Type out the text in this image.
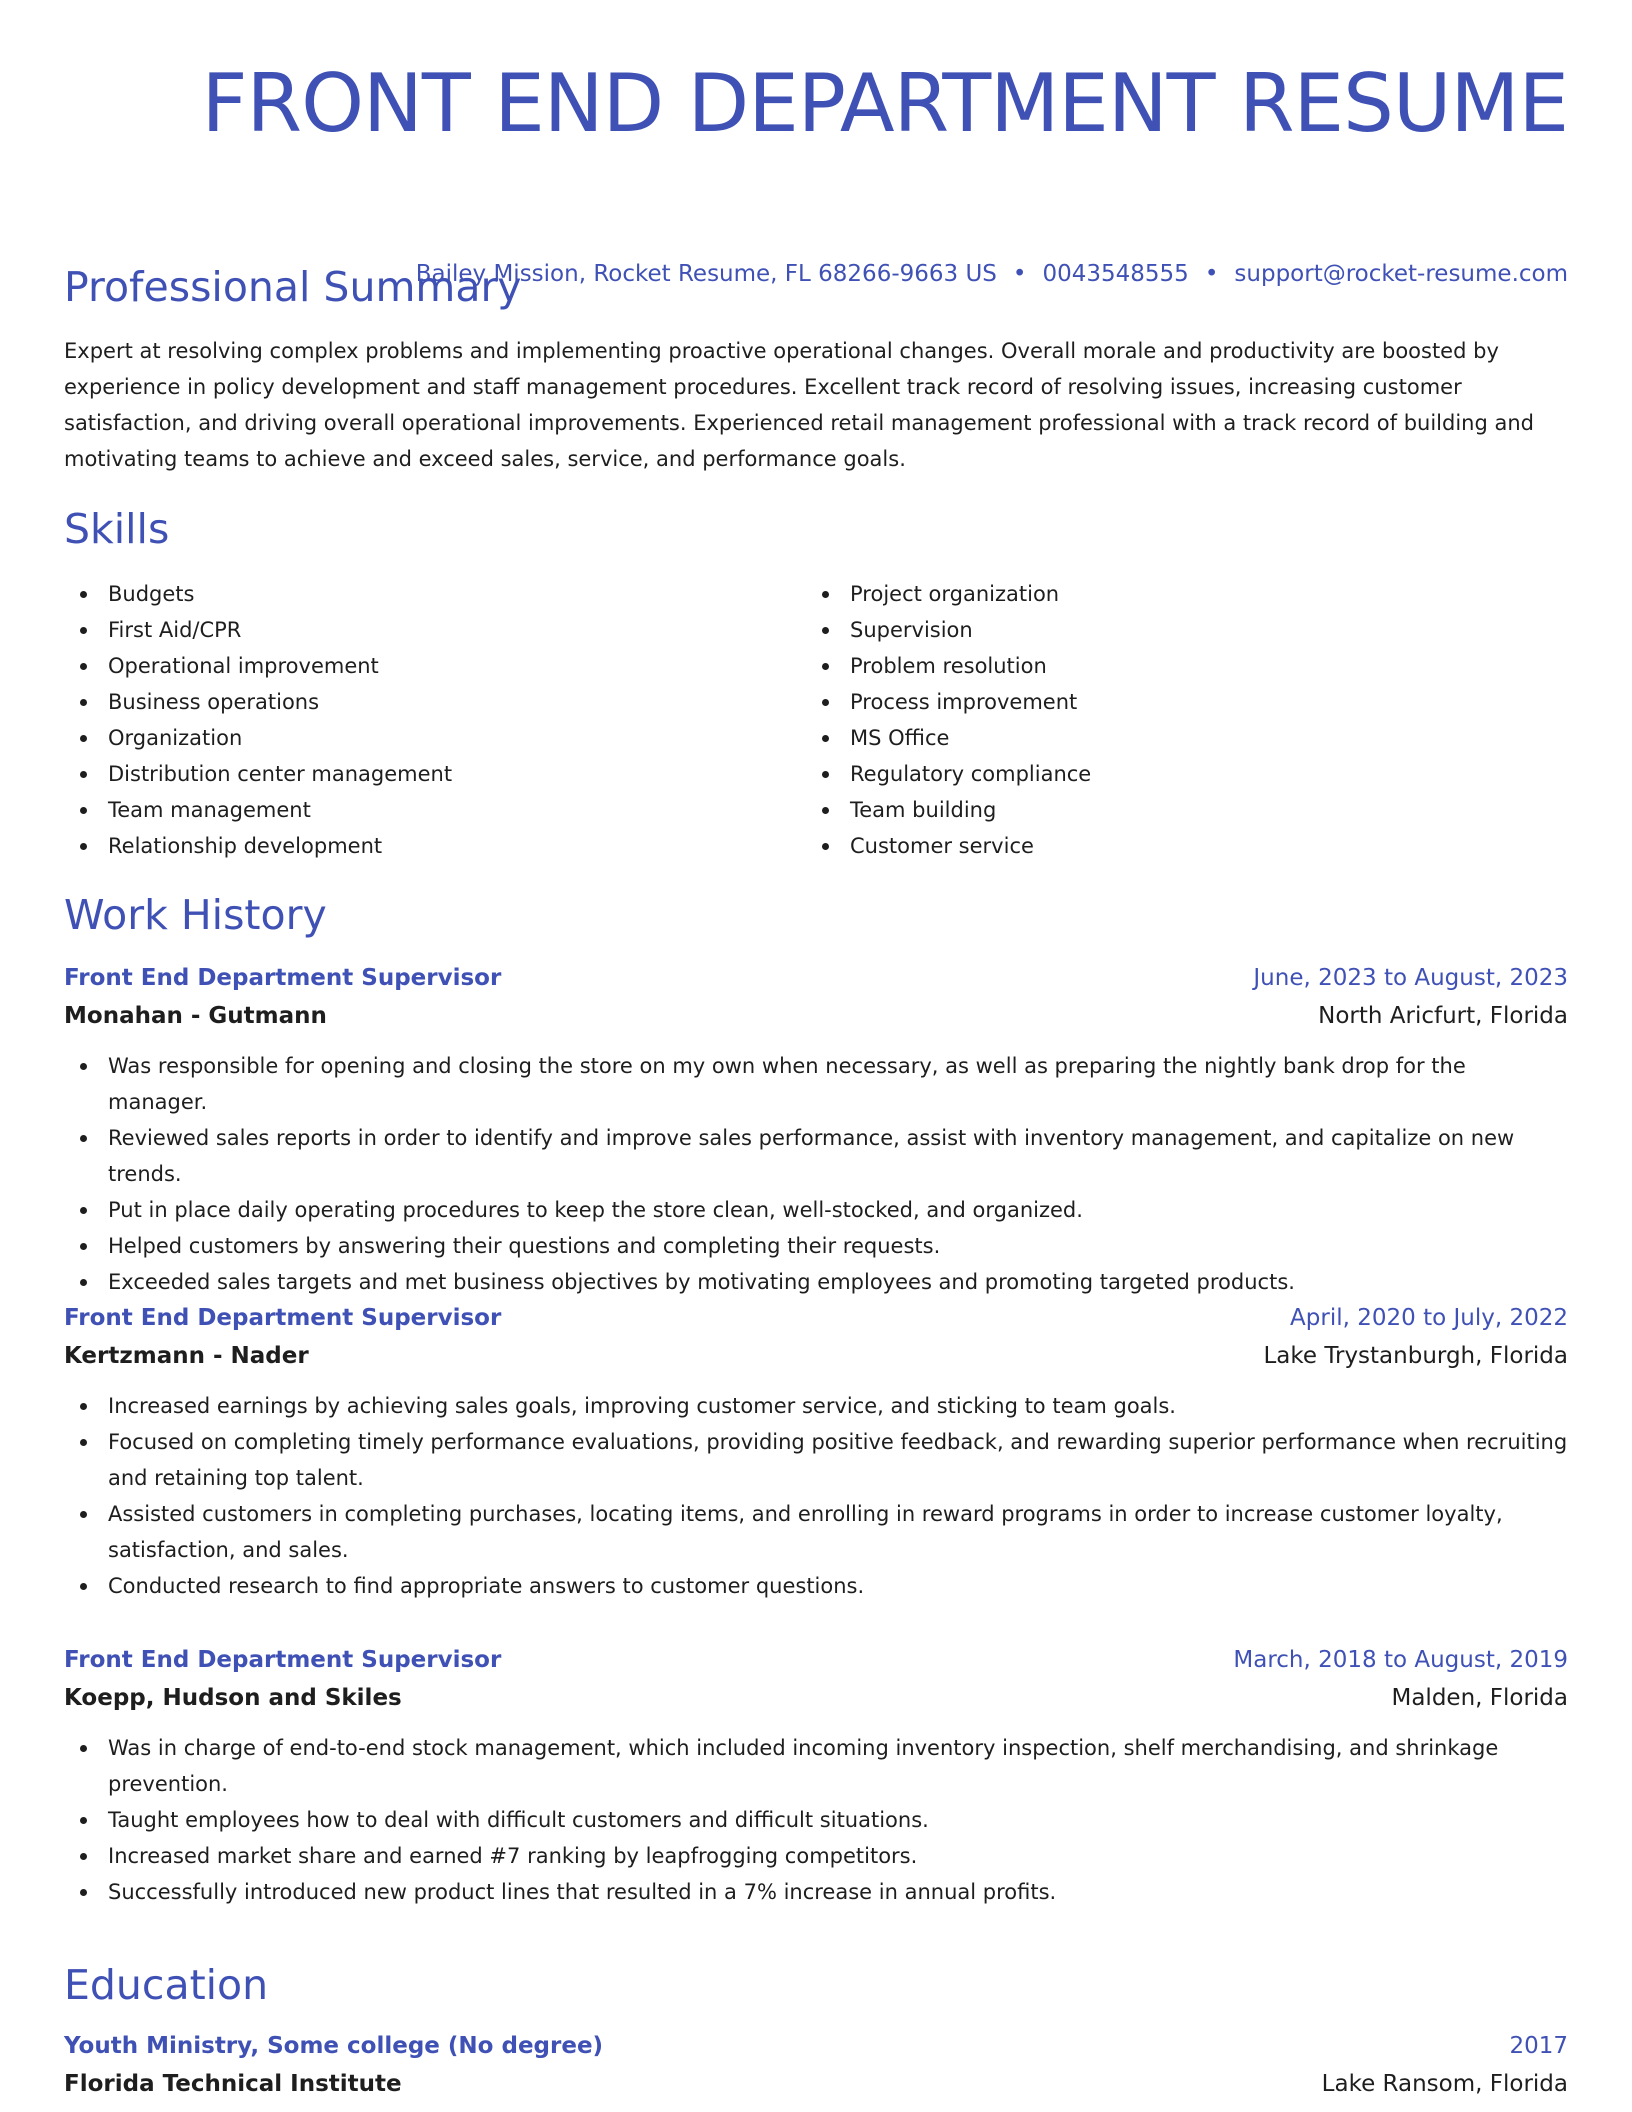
FRONT END DEPARTMENT RESUME
Bailey Mission, Rocket Resume, FL 68266-9663 US • 0043548555 • support@rocket-resume.com
Professional Summary
Expert at resolving complex problems and implementing proactive operational changes. Overall morale and productivity are boosted by experience in policy development and staff management procedures. Excellent track record of resolving issues, increasing customer satisfaction, and driving overall operational improvements. Experienced retail management professional with a track record of building and motivating teams to achieve and exceed sales, service, and performance goals.
Skills
Budgets
First Aid/CPR
Operational improvement
Business operations
Organization
Distribution center management
Team management
Relationship development
Project organization
Supervision
Problem resolution
Process improvement
MS Office
Regulatory compliance
Team building
Customer service
Work History
Front End Department Supervisor	June, 2023 to August, 2023
Monahan - Gutmann	North Aricfurt, Florida
Was responsible for opening and closing the store on my own when necessary, as well as preparing the nightly bank drop for the manager.
Reviewed sales reports in order to identify and improve sales performance, assist with inventory management, and capitalize on new trends.
Put in place daily operating procedures to keep the store clean, well-stocked, and organized.
Helped customers by answering their questions and completing their requests.
Exceeded sales targets and met business objectives by motivating employees and promoting targeted products.
Front End Department Supervisor	April, 2020 to July, 2022
Kertzmann - Nader	Lake Trystanburgh, Florida
Increased earnings by achieving sales goals, improving customer service, and sticking to team goals.
Focused on completing timely performance evaluations, providing positive feedback, and rewarding superior performance when recruiting and retaining top talent.
Assisted customers in completing purchases, locating items, and enrolling in reward programs in order to increase customer loyalty, satisfaction, and sales.
Conducted research to find appropriate answers to customer questions.
Front End Department Supervisor	March, 2018 to August, 2019
Koepp, Hudson and Skiles	Malden, Florida
Was in charge of end-to-end stock management, which included incoming inventory inspection, shelf merchandising, and shrinkage prevention.
Taught employees how to deal with difficult customers and difficult situations.
Increased market share and earned #7 ranking by leapfrogging competitors.
Successfully introduced new product lines that resulted in a 7% increase in annual profits.
Education
Youth Ministry, Some college (No degree)	2017
Florida Technical Institute	Lake Ransom, Florida
